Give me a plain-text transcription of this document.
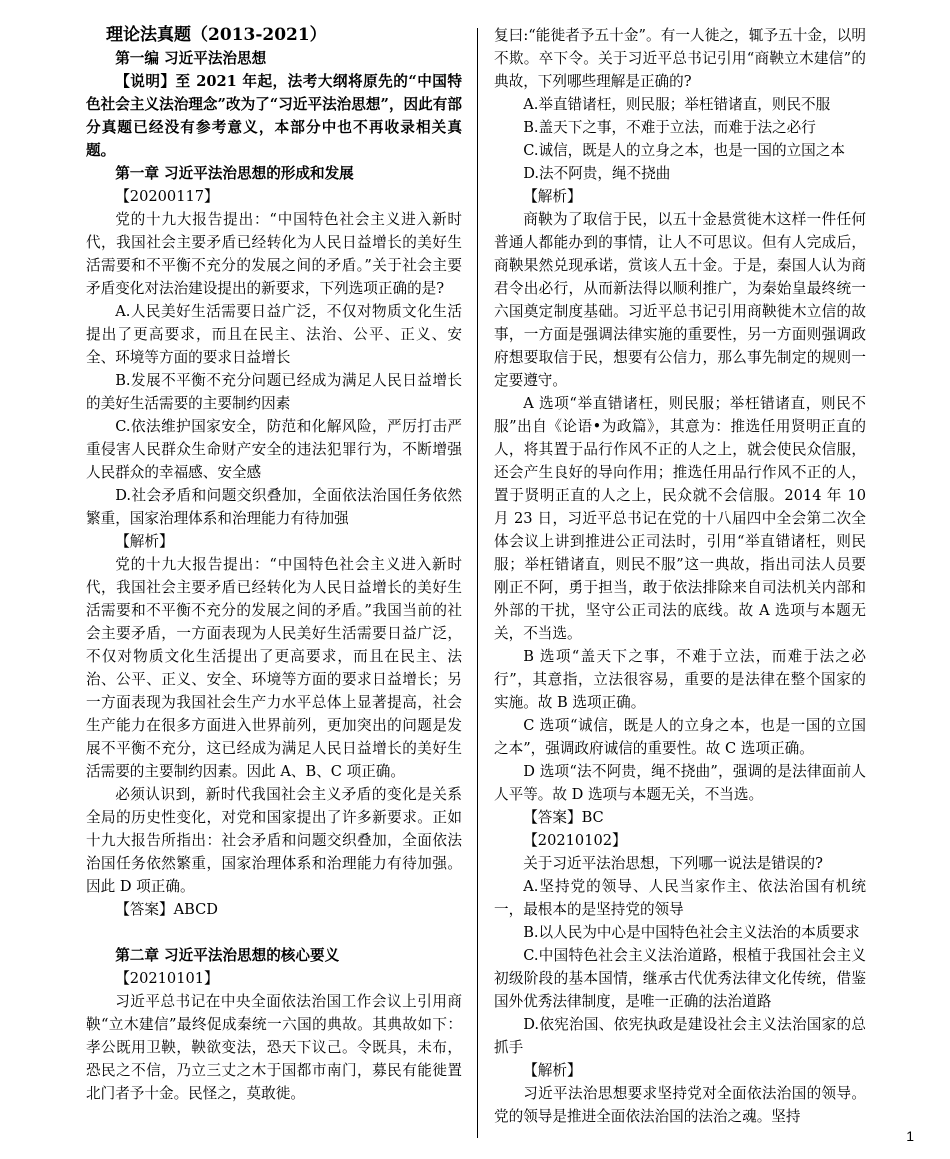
理论法真题（2013-2021）

第一编 习近平法治思想

【说明】至 2021 年起，法考大纲将原先的“中国特色社会主义法治理念”改为了“习近平法治思想”，因此有部分真题已经没有参考意义，本部分中也不再收录相关真题。

第一章 习近平法治思想的形成和发展

【20200117】

党的十九大报告提出：“中国特色社会主义进入新时代，我国社会主要矛盾已经转化为人民日益增长的美好生活需要和不平衡不充分的发展之间的矛盾。”关于社会主要矛盾变化对法治建设提出的新要求，下列选项正确的是?

A.人民美好生活需要日益广泛，不仅对物质文化生活提出了更高要求，而且在民主、法治、公平、正义、安全、环境等方面的要求日益增长

B.发展不平衡不充分问题已经成为满足人民日益增长的美好生活需要的主要制约因素

C.依法维护国家安全，防范和化解风险，严厉打击严重侵害人民群众生命财产安全的违法犯罪行为，不断增强人民群众的幸福感、安全感

D.社会矛盾和问题交织叠加，全面依法治国任务依然繁重，国家治理体系和治理能力有待加强

【解析】

党的十九大报告提出：“中国特色社会主义进入新时代，我国社会主要矛盾已经转化为人民日益增长的美好生活需要和不平衡不充分的发展之间的矛盾。”我国当前的社会主要矛盾，一方面表现为人民美好生活需要日益广泛，不仅对物质文化生活提出了更高要求，而且在民主、法治、公平、正义、安全、环境等方面的要求日益增长；另一方面表现为我国社会生产力水平总体上显著提高，社会生产能力在很多方面进入世界前列，更加突出的问题是发展不平衡不充分，这已经成为满足人民日益增长的美好生活需要的主要制约因素。因此 A、B、C 项正确。

必须认识到，新时代我国社会主义矛盾的变化是关系全局的历史性变化，对党和国家提出了许多新要求。正如十九大报告所指出：社会矛盾和问题交织叠加，全面依法治国任务依然繁重，国家治理体系和治理能力有待加强。因此 D 项正确。

【答案】ABCD

第二章 习近平法治思想的核心要义

【20210101】

习近平总书记在中央全面依法治国工作会议上引用商鞅“立木建信”最终促成秦统一六国的典故。其典故如下：孝公既用卫鞅，鞅欲变法，恐天下议己。令既具，未布，恐民之不信，乃立三丈之木于国都市南门，募民有能徙置北门者予十金。民怪之，莫敢徙。

复曰:“能徙者予五十金”。有一人徙之，辄予五十金，以明不欺。卒下令。关于习近平总书记引用“商鞅立木建信”的典故，下列哪些理解是正确的?

A.举直错诸枉，则民服；举枉错诸直，则民不服

B.盖天下之事，不难于立法，而难于法之必行

C.诚信，既是人的立身之本，也是一国的立国之本

D.法不阿贵，绳不挠曲

【解析】

商鞅为了取信于民，以五十金悬赏徙木这样一件任何普通人都能办到的事情，让人不可思议。但有人完成后，商鞅果然兑现承诺，赏该人五十金。于是，秦国人认为商君令出必行，从而新法得以顺利推广，为秦始皇最终统一六国奠定制度基础。习近平总书记引用商鞅徙木立信的故事，一方面是强调法律实施的重要性，另一方面则强调政府想要取信于民，想要有公信力，那么事先制定的规则一定要遵守。

A 选项“举直错诸枉，则民服；举枉错诸直，则民不服”出自《论语•为政篇》，其意为：推选任用贤明正直的人，将其置于品行作风不正的人之上，就会使民众信服，还会产生良好的导向作用；推选任用品行作风不正的人，置于贤明正直的人之上，民众就不会信服。2014 年 10 月 23 日，习近平总书记在党的十八届四中全会第二次全体会议上讲到推进公正司法时，引用“举直错诸枉，则民服；举枉错诸直，则民不服”这一典故，指出司法人员要刚正不阿，勇于担当，敢于依法排除来自司法机关内部和外部的干扰，坚守公正司法的底线。故 A 选项与本题无关，不当选。

B 选项“盖天下之事，不难于立法，而难于法之必行”，其意指，立法很容易，重要的是法律在整个国家的实施。故 B 选项正确。

C 选项“诚信，既是人的立身之本，也是一国的立国之本”，强调政府诚信的重要性。故 C 选项正确。

D 选项“法不阿贵，绳不挠曲”，强调的是法律面前人人平等。故 D 选项与本题无关，不当选。

【答案】BC

【20210102】

关于习近平法治思想，下列哪一说法是错误的?

A.坚持党的领导、人民当家作主、依法治国有机统一，最根本的是坚持党的领导

B.以人民为中心是中国特色社会主义法治的本质要求

C.中国特色社会主义法治道路，根植于我国社会主义初级阶段的基本国情，继承古代优秀法律文化传统，借鉴国外优秀法律制度，是唯一正确的法治道路

D.依宪治国、依宪执政是建设社会主义法治国家的总抓手

【解析】

习近平法治思想要求坚持党对全面依法治国的领导。党的领导是推进全面依法治国的法治之魂。坚持

1
